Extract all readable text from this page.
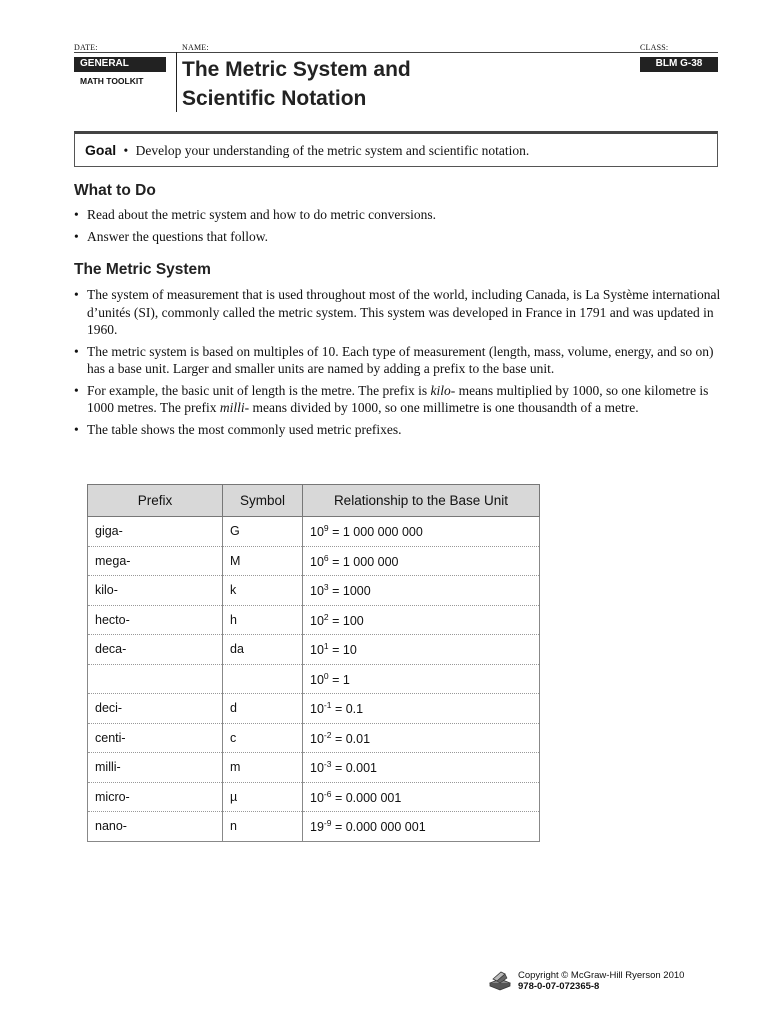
DATE:	NAME:	CLASS:
GENERAL
MATH TOOLKIT The Metric System and
Scientific Notation
BLM G-38
Goal • Develop your understanding of the metric system and scientific notation.
What to Do
• Read about the metric system and how to do metric conversions.
• Answer the questions that follow.
The Metric System
• The system of measurement that is used throughout most of the world, including Canada, is La Système international d’unités (SI), commonly called the metric system. This system was developed in France in 1791 and was updated in 1960.
• The metric system is based on multiples of 10. Each type of measurement (length, mass, volume, energy, and so on) has a base unit. Larger and smaller units are named by adding a prefix to the base unit.
• For example, the basic unit of length is the metre. The prefix is kilo- means multiplied by 1000, so one kilometre is 1000 metres. The prefix milli- means divided by 1000, so one millimetre is one thousandth of a metre.
• The table shows the most commonly used metric prefixes.
Prefix	Symbol	Relationship to the Base Unit
giga-	G	$10^9 = 1$ 000 000 000
mega-	M	$10^6 = 1$ 000 000
kilo-	k	$10^3 = 1000$
hecto-	h	$10^2 = 100$
deca-	da	$10^1 = 10$
		$10^0 = 1$
deci-	d	$10^{-1} = 0.1$
centi-	c	$10^{-2} = 0.01$
milli-	m	$10^{-3} = 0.001$
micro-	µ	$10^{-6} = 0.000$ 001
nano-	n	$19^{-9} = 0.000$ 000 001
Copyright © McGraw-Hill Ryerson 2010
978-0-07-072365-8
